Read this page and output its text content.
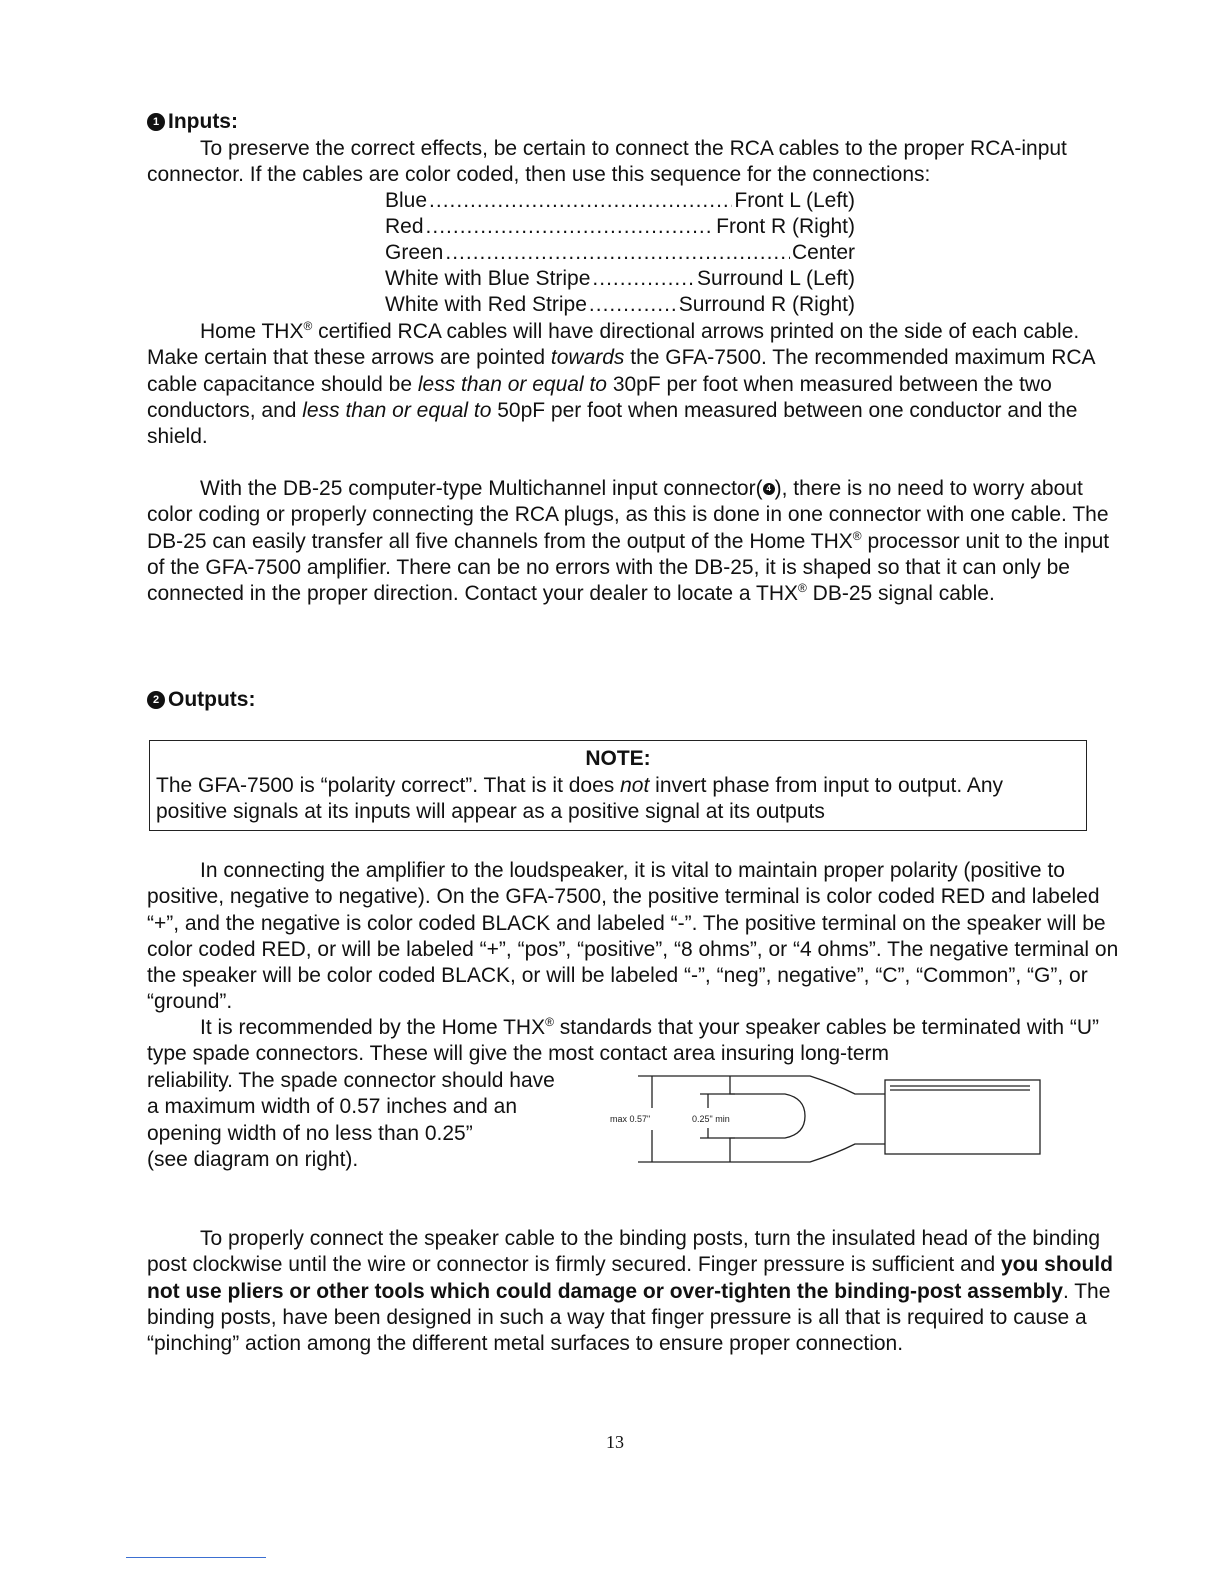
1 Inputs:

To preserve the correct effects, be certain to connect the RCA cables to the proper RCA-input connector. If the cables are color coded, then use this sequence for the connections:

Blue .....	Front L (Left)
Red .....	Front R (Right)
Green .....	Center
White with Blue Stripe .....	Surround L (Left)
White with Red Stripe .....	Surround R (Right)

Home THX® certified RCA cables will have directional arrows printed on the side of each cable. Make certain that these arrows are pointed towards the GFA-7500. The recommended maximum RCA cable capacitance should be less than or equal to 30pF per foot when measured between the two conductors, and less than or equal to 50pF per foot when measured between one conductor and the shield.

With the DB-25 computer-type Multichannel input connector( 4 ), there is no need to worry about color coding or properly connecting the RCA plugs, as this is done in one connector with one cable. The DB-25 can easily transfer all five channels from the output of the Home THX® processor unit to the input of the GFA-7500 amplifier. There can be no errors with the DB-25, it is shaped so that it can only be connected in the proper direction. Contact your dealer to locate a THX® DB-25 signal cable.

2 Outputs:
NOTE:
The GFA-7500 is “polarity correct”. That is it does not invert phase from input to output. Any positive signals at its inputs will appear as a positive signal at its outputs

In connecting the amplifier to the loudspeaker, it is vital to maintain proper polarity (positive to positive, negative to negative). On the GFA-7500, the positive terminal is color coded RED and labeled “+”, and the negative is color coded BLACK and labeled “-”. The positive terminal on the speaker will be color coded RED, or will be labeled “+”, “pos”, “positive”, “8 ohms”, or “4 ohms”. The negative terminal on the speaker will be color coded BLACK, or will be labeled “-”, “neg”, negative”, “C”, “Common”, “G”, or “ground”.

It is recommended by the Home THX® standards that your speaker cables be terminated with “U” type spade connectors. These will give the most contact area insuring long-term

reliability. The spade connector should have
a maximum width of 0.57 inches and an
opening width of no less than 0.25”
(see diagram on right).
max 0.57"	0.25" min

To properly connect the speaker cable to the binding posts, turn the insulated head of the binding post clockwise until the wire or connector is firmly secured. Finger pressure is sufficient and you should not use pliers or other tools which could damage or over-tighten the binding-post assembly. The binding posts, have been designed in such a way that finger pressure is all that is required to cause a “pinching” action among the different metal surfaces to ensure proper connection.

13
